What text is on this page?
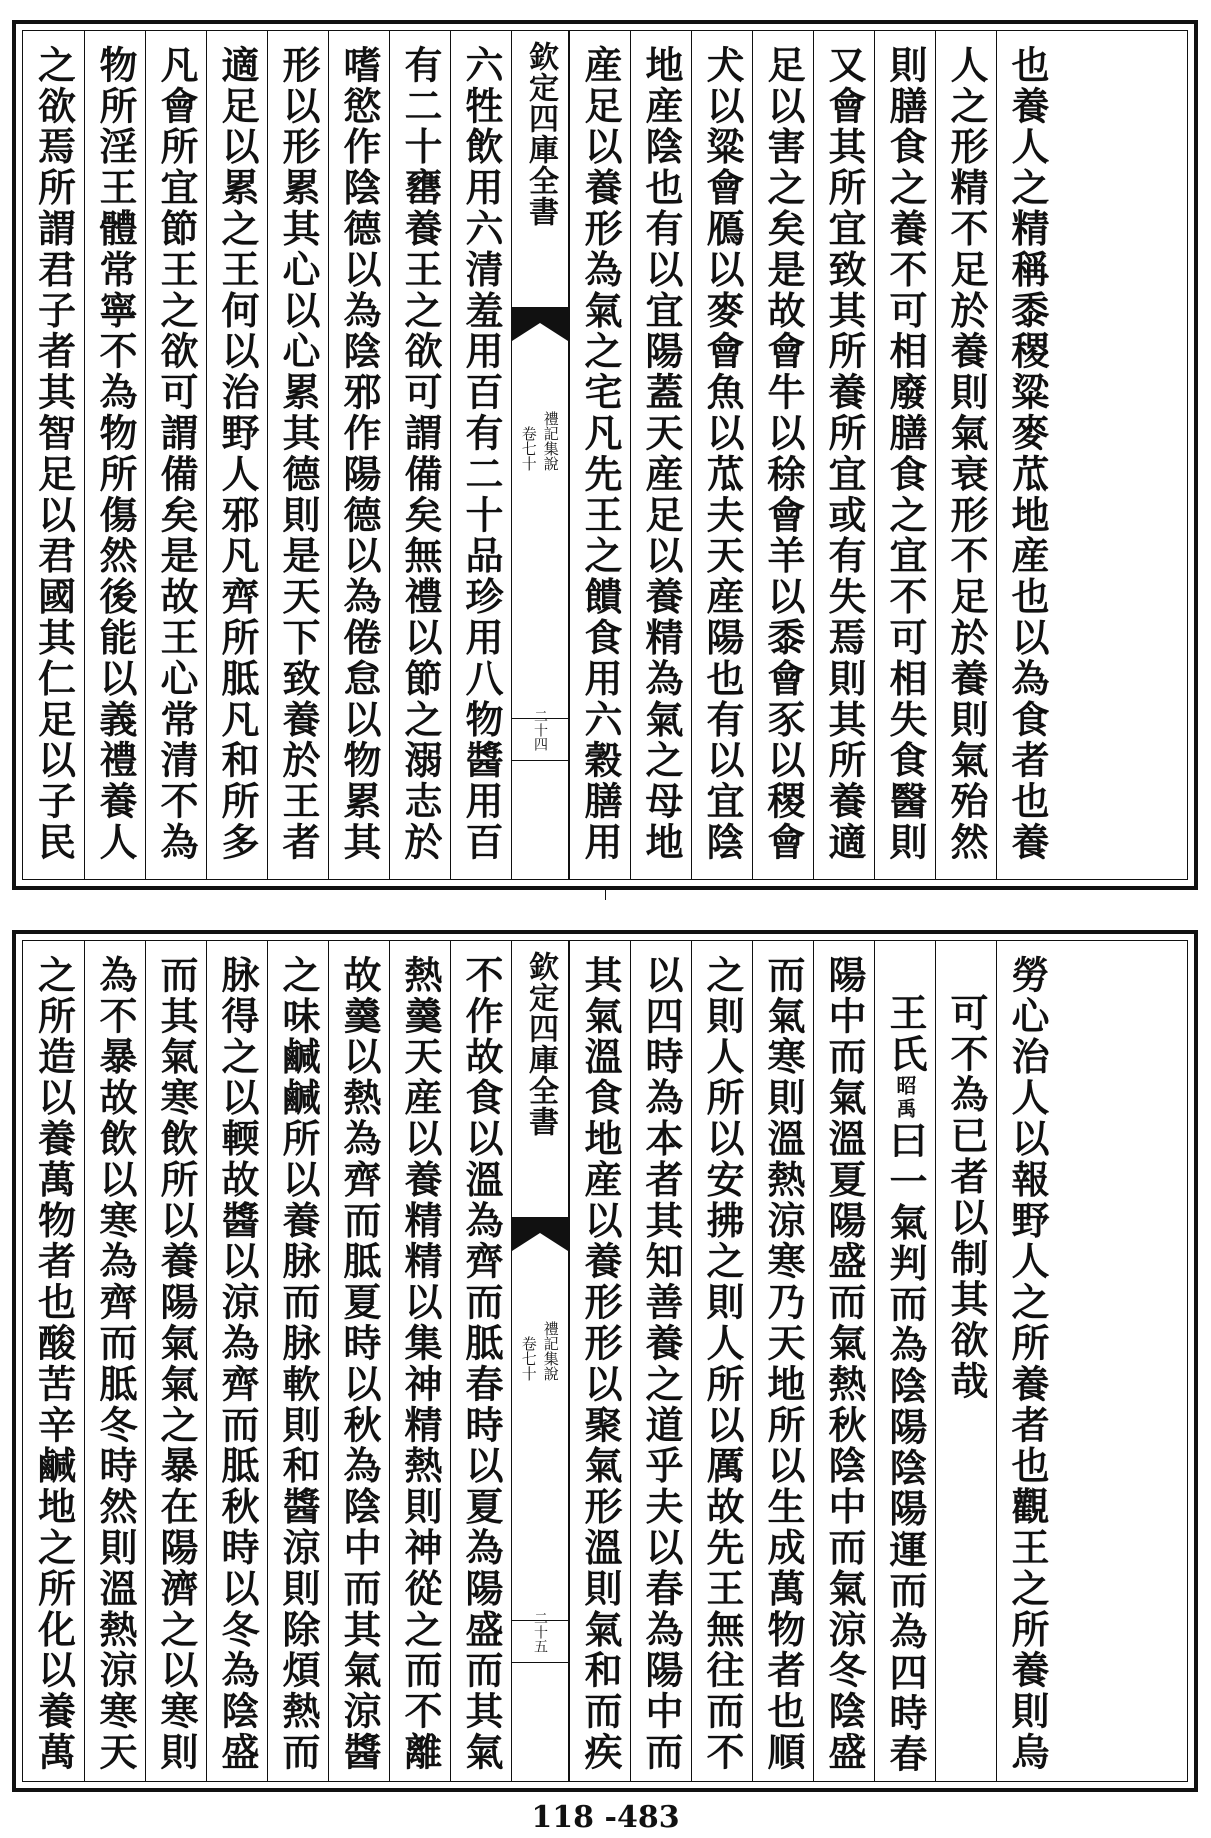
之欲焉所謂君子者其智足以君國其仁足以子民 物所淫王體常寧不為物所傷然後能以義禮養人 凡會所宜節王之欲可謂備矣是故王心常清不為 適足以累之王何以治野人邪凡齊所胝凡和所多 形以形累其心以心累其德則是天下致養於王者 嗜慾作陰德以為陰邪作陽德以為倦怠以物累其 有二十罋養王之欲可謂備矣無禮以節之溺志於 六牲飲用六清羞用百有二十品珍用八物醬用百 欽定四庫全書
卷七十 禮記集說
二十四 産足以養形為氣之宅凡先王之饋食用六穀膳用 地産陰也有以宜陽蓋天産足以養精為氣之母地 犬以粱會鴈以麥會魚以苽夫天産陽也有以宜陰 足以害之矣是故會牛以稌會羊以黍會豕以稷會 又會其所宜致其所養所宜或有失焉則其所養適 則膳食之養不可相廢膳食之宜不可相失食醫則 人之形精不足於養則氣衰形不足於養則氣殆然 也養人之精稱黍稷粱麥苽地産也以為食者也養
之所造以養萬物者也酸苦辛鹹地之所化以養萬 為不暴故飲以寒為齊而胝冬時然則溫熱涼寒天 而其氣寒飲所以養陽氣氣之暴在陽濟之以寒則 脉得之以輭故醬以涼為齊而胝秋時以冬為陰盛 之味鹹鹹所以養脉而脉軟則和醬涼則除煩熱而 故羹以熱為齊而胝夏時以秋為陰中而其氣涼醬 熱羹天産以養精精以集神精熱則神從之而不離 不作故食以溫為齊而胝春時以夏為陽盛而其氣 欽定四庫全書
卷七十 禮記集說
二十五 其氣溫食地産以養形形以聚氣形溫則氣和而疾 以四時為本者其知善養之道乎夫以春為陽中而 之則人所以安拂之則人所以厲故先王無往而不 而氣寒則溫熱涼寒乃天地所以生成萬物者也順 陽中而氣溫夏陽盛而氣熱秋陰中而氣涼冬陰盛 王氏昭禹曰一氣判而為陰陽陰陽運而為四時春 可不為已者以制其欲哉 勞心治人以報野人之所養者也觀王之所養則烏
118 -483
